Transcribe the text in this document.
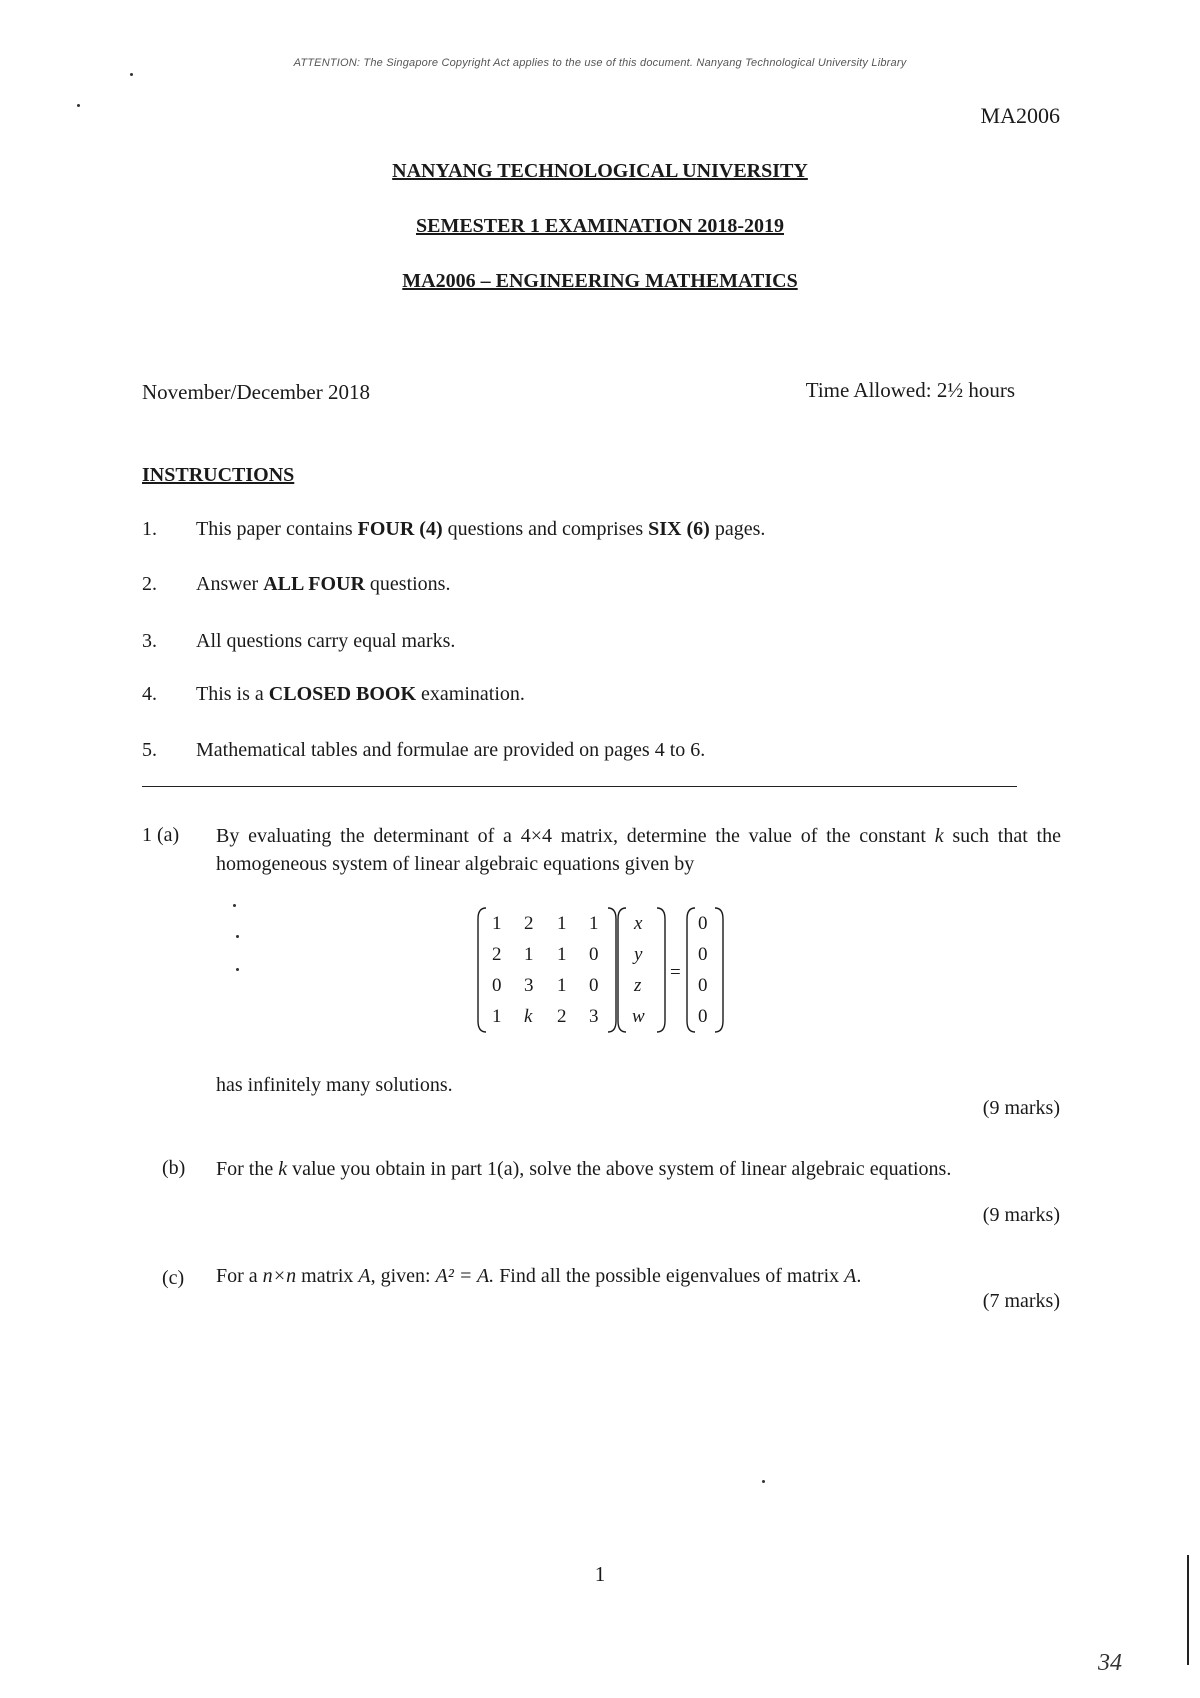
ATTENTION: The Singapore Copyright Act applies to the use of this document. Nanyang Technological University Library
MA2006
NANYANG TECHNOLOGICAL UNIVERSITY
SEMESTER 1 EXAMINATION 2018-2019
MA2006 – ENGINEERING MATHEMATICS
November/December 2018	Time Allowed: 2½ hours
INSTRUCTIONS
1.	This paper contains FOUR (4) questions and comprises SIX (6) pages.
2.	Answer ALL FOUR questions.
3.	All questions carry equal marks.
4.	This is a CLOSED BOOK examination.
5.	Mathematical tables and formulae are provided on pages 4 to 6.
1 (a) By evaluating the determinant of a 4×4 matrix, determine the value of the constant k such that the homogeneous system of linear algebraic equations given by
=
1 2 1 1
2 1 1 0
0 3 1 0
1 k 2 3
x
y
z
w
0
0
0
0
has infinitely many solutions.
(9 marks)
(b) For the k value you obtain in part 1(a), solve the above system of linear algebraic equations.
(9 marks)
(c) For a n×n matrix A, given: A² = A. Find all the possible eigenvalues of matrix A.
(7 marks)
1
34
